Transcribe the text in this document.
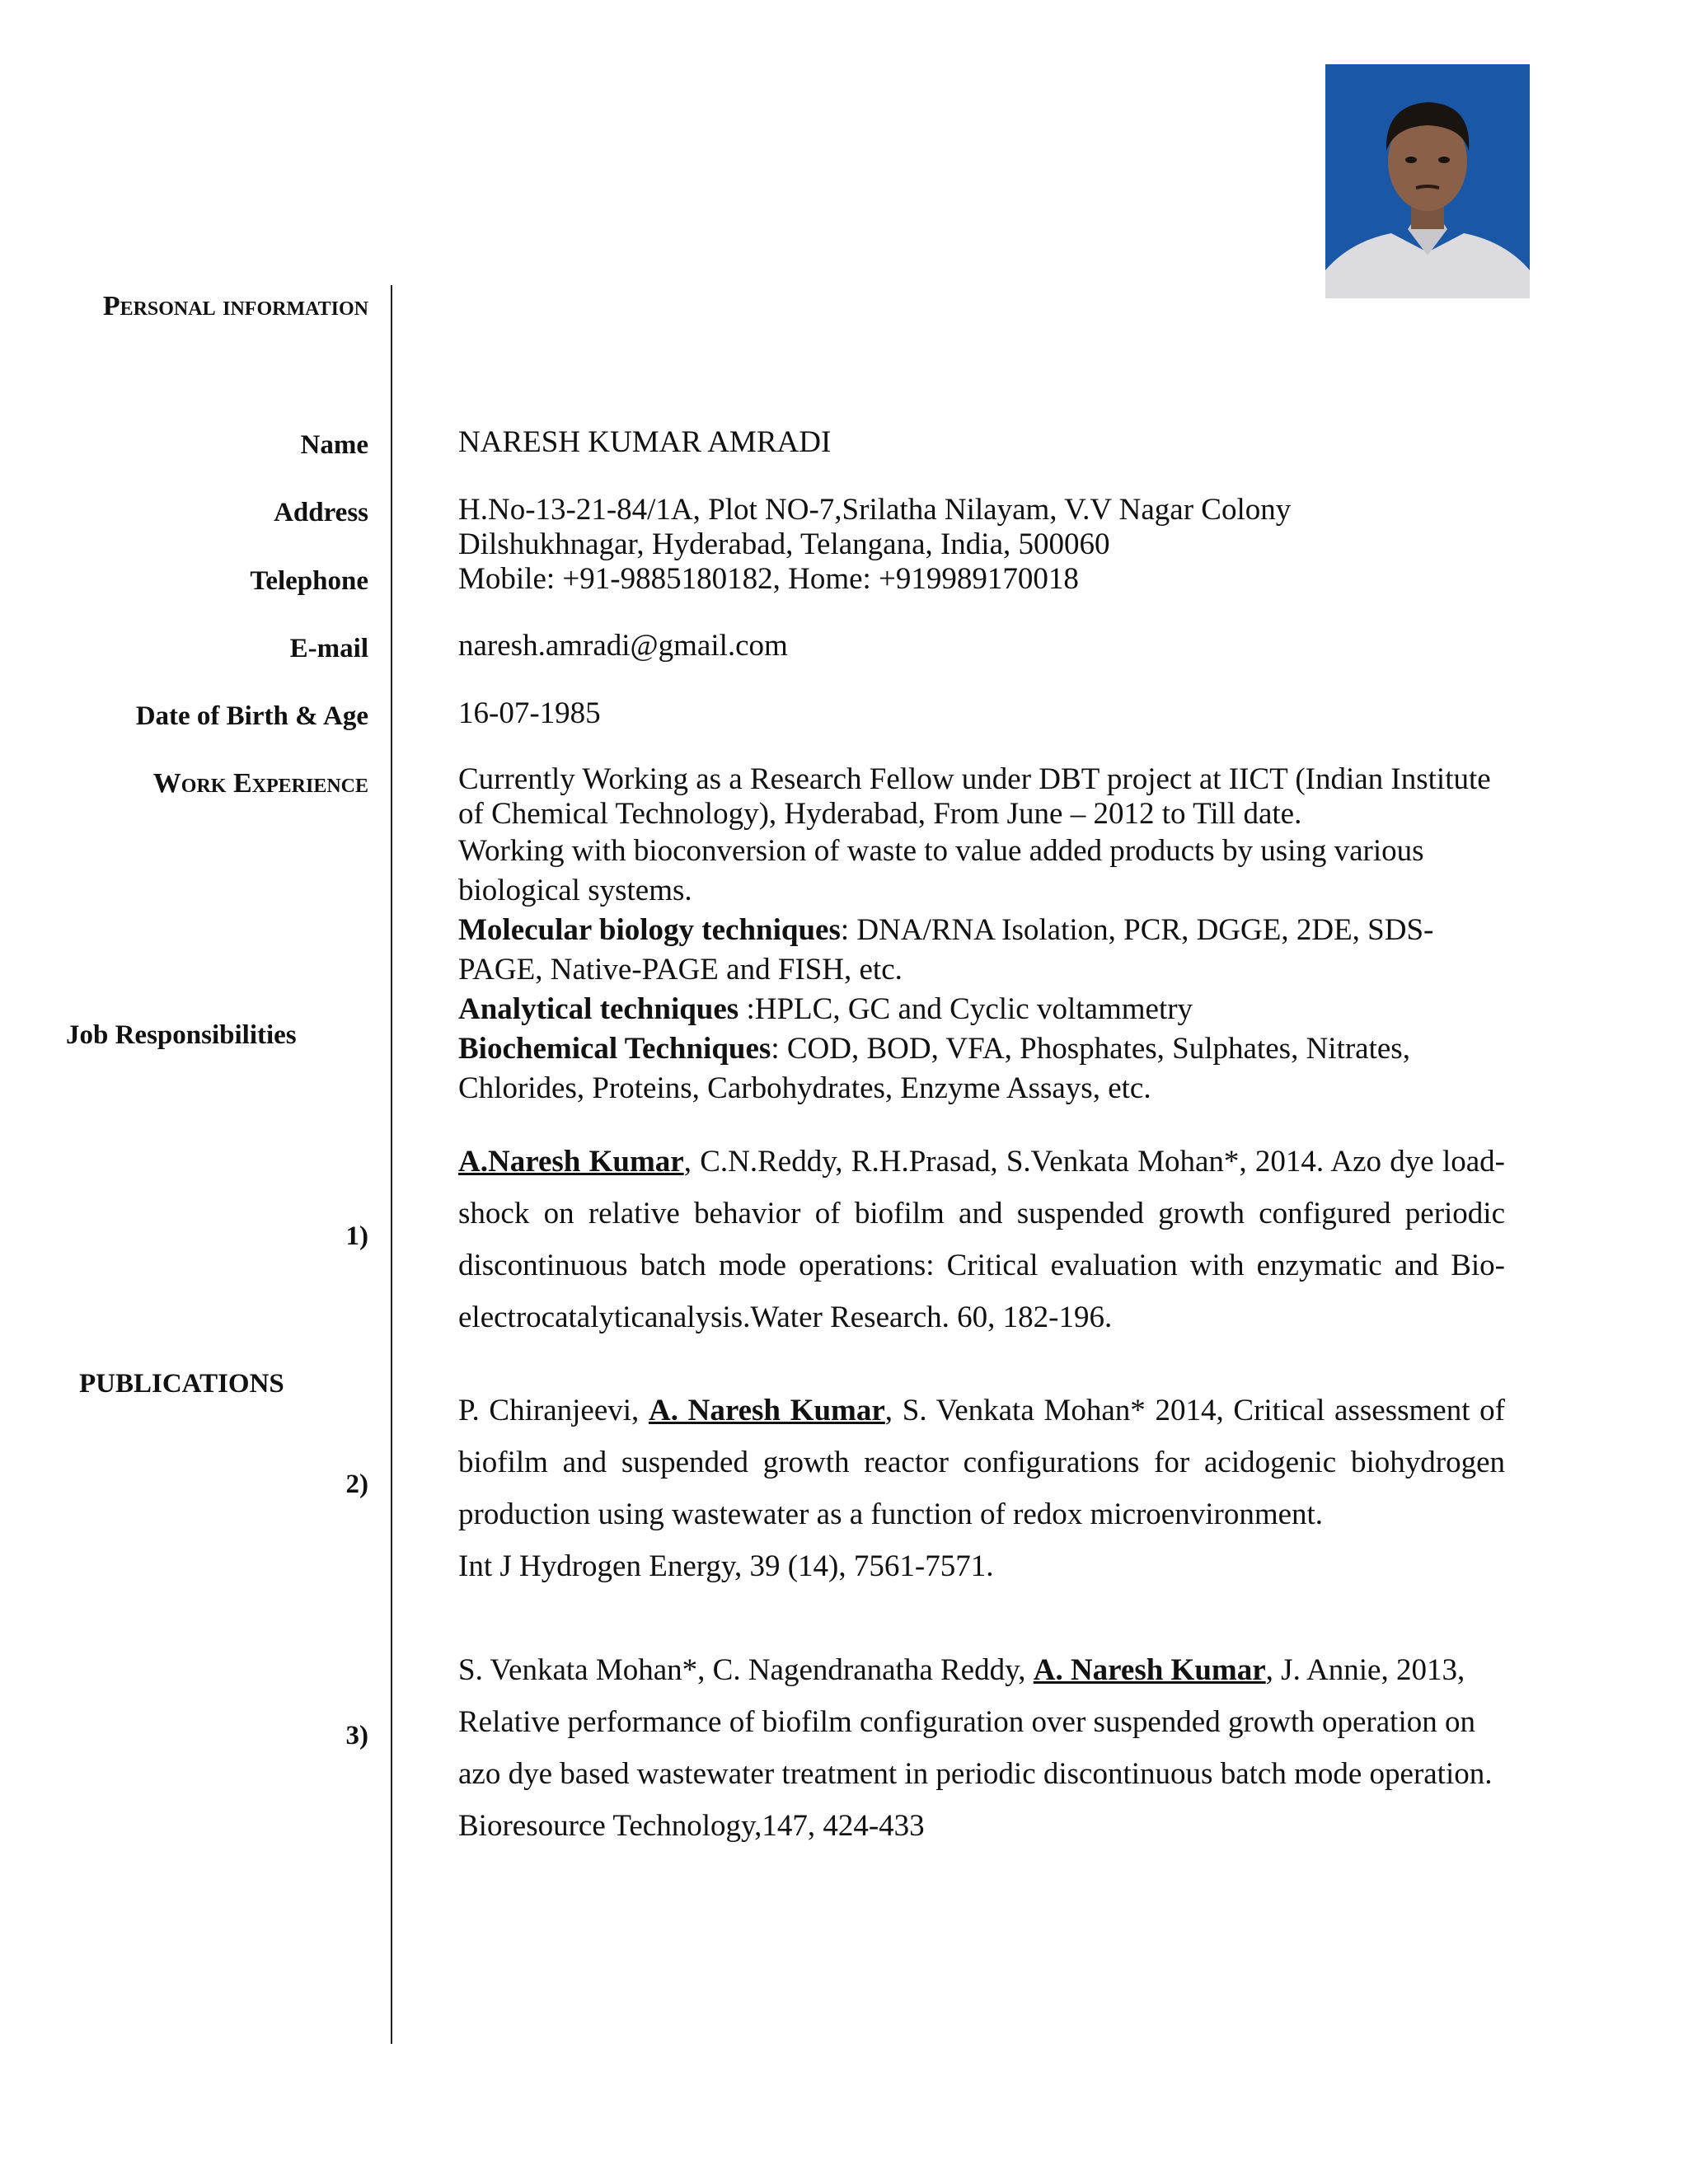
Personal information
Name
Address
Telephone
E-mail
Date of Birth & Age
Work Experience
Job Responsibilities
PUBLICATIONS
1)
2)
3)
NARESH KUMAR AMRADI

H.No-13-21-84/1A, Plot NO-7,Srilatha Nilayam, V.V Nagar Colony

Dilshukhnagar, Hyderabad, Telangana, India, 500060

Mobile: +91-9885180182, Home: +919989170018

naresh.amradi@gmail.com
16-07-1985

Currently Working as a Research Fellow under DBT project at IICT (Indian Institute

of Chemical Technology), Hyderabad, From June – 2012 to Till date.

Working with bioconversion of waste to value added products by using various

biological systems.

Molecular biology techniques: DNA/RNA Isolation, PCR, DGGE, 2DE, SDS-

PAGE, Native-PAGE and FISH, etc.

Analytical techniques :HPLC, GC and Cyclic voltammetry

Biochemical Techniques: COD, BOD, VFA, Phosphates, Sulphates, Nitrates,

Chlorides, Proteins, Carbohydrates, Enzyme Assays, etc.

A.Naresh Kumar, C.N.Reddy, R.H.Prasad, S.Venkata Mohan*, 2014. Azo dye load-shock on relative behavior of biofilm and suspended growth configured periodic discontinuous batch mode operations: Critical evaluation with enzymatic and Bio-electrocatalyticanalysis.Water Research. 60, 182-196.

P. Chiranjeevi, A. Naresh Kumar, S. Venkata Mohan* 2014, Critical assessment of biofilm and suspended growth reactor configurations for acidogenic biohydrogen production using wastewater as a function of redox microenvironment.

Int J Hydrogen Energy, 39 (14), 7561-7571.

S. Venkata Mohan*, C. Nagendranatha Reddy, A. Naresh Kumar, J. Annie, 2013,

Relative performance of biofilm configuration over suspended growth operation on

azo dye based wastewater treatment in periodic discontinuous batch mode operation.

Bioresource Technology,147, 424-433
